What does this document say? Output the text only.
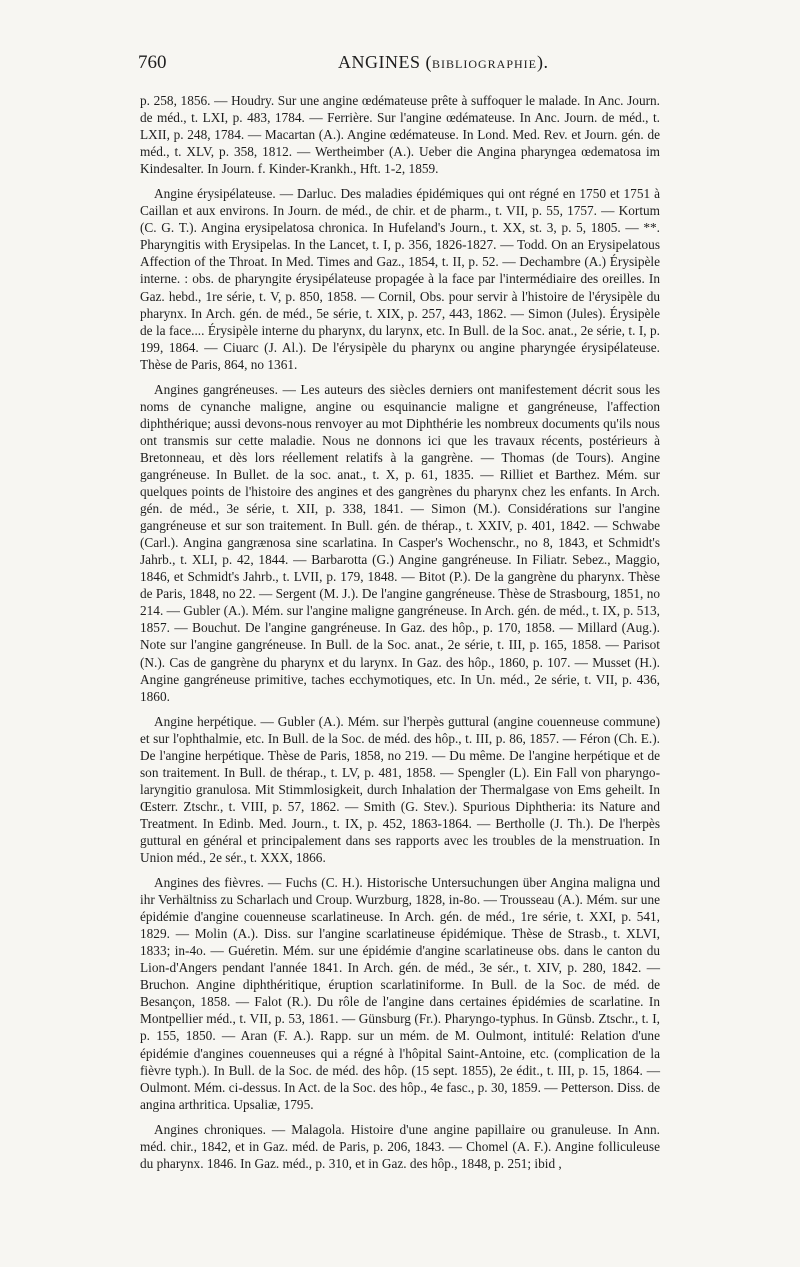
760	ANGINES (BIBLIOGRAPHIE).

p. 258, 1856. — Houdry. Sur une angine œdémateuse prête à suffoquer le malade. In Anc. Journ. de méd., t. LXI, p. 483, 1784. — Ferrière. Sur l'angine œdémateuse. In Anc. Journ. de méd., t. LXII, p. 248, 1784. — Macartan (A.). Angine œdémateuse. In Lond. Med. Rev. et Journ. gén. de méd., t. XLV, p. 358, 1812. — Wertheimber (A.). Ueber die Angina pharyngea œdematosa im Kindesalter. In Journ. f. Kinder-Krankh., Hft. 1-2, 1859.

Angine érysipélateuse. — Darluc. Des maladies épidémiques qui ont régné en 1750 et 1751 à Caillan et aux environs. In Journ. de méd., de chir. et de pharm., t. VII, p. 55, 1757. — Kortum (C. G. T.). Angina erysipelatosa chronica. In Hufeland's Journ., t. XX, st. 3, p. 5, 1805. — **. Pharyngitis with Erysipelas. In the Lancet, t. I, p. 356, 1826-1827. — Todd. On an Erysipelatous Affection of the Throat. In Med. Times and Gaz., 1854, t. II, p. 52. — Dechambre (A.) Érysipèle interne. : obs. de pharyngite érysipélateuse propagée à la face par l'intermédiaire des oreilles. In Gaz. hebd., 1re série, t. V, p. 850, 1858. — Cornil, Obs. pour servir à l'histoire de l'érysipèle du pharynx. In Arch. gén. de méd., 5e série, t. XIX, p. 257, 443, 1862. — Simon (Jules). Érysipèle de la face.... Érysipèle interne du pharynx, du larynx, etc. In Bull. de la Soc. anat., 2e série, t. I, p. 199, 1864. — Ciuarc (J. Al.). De l'érysipèle du pharynx ou angine pharyngée érysipélateuse. Thèse de Paris, 864, no 1361.

Angines gangréneuses. — Les auteurs des siècles derniers ont manifestement décrit sous les noms de cynanche maligne, angine ou esquinancie maligne et gangréneuse, l'affection diphthérique; aussi devons-nous renvoyer au mot Diphthérie les nombreux documents qu'ils nous ont transmis sur cette maladie. Nous ne donnons ici que les travaux récents, postérieurs à Bretonneau, et dès lors réellement relatifs à la gangrène. — Thomas (de Tours). Angine gangréneuse. In Bullet. de la soc. anat., t. X, p. 61, 1835. — Rilliet et Barthez. Mém. sur quelques points de l'histoire des angines et des gangrènes du pharynx chez les enfants. In Arch. gén. de méd., 3e série, t. XII, p. 338, 1841. — Simon (M.). Considérations sur l'angine gangréneuse et sur son traitement. In Bull. gén. de thérap., t. XXIV, p. 401, 1842. — Schwabe (Carl.). Angina gangrænosa sine scarlatina. In Casper's Wochenschr., no 8, 1843, et Schmidt's Jahrb., t. XLI, p. 42, 1844. — Barbarotta (G.) Angine gangréneuse. In Filiatr. Sebez., Maggio, 1846, et Schmidt's Jahrb., t. LVII, p. 179, 1848. — Bitot (P.). De la gangrène du pharynx. Thèse de Paris, 1848, no 22. — Sergent (M. J.). De l'angine gangréneuse. Thèse de Strasbourg, 1851, no 214. — Gubler (A.). Mém. sur l'angine maligne gangréneuse. In Arch. gén. de méd., t. IX, p. 513, 1857. — Bouchut. De l'angine gangréneuse. In Gaz. des hôp., p. 170, 1858. — Millard (Aug.). Note sur l'angine gangréneuse. In Bull. de la Soc. anat., 2e série, t. III, p. 165, 1858. — Parisot (N.). Cas de gangrène du pharynx et du larynx. In Gaz. des hôp., 1860, p. 107. — Musset (H.). Angine gangréneuse primitive, taches ecchymotiques, etc. In Un. méd., 2e série, t. VII, p. 436, 1860.

Angine herpétique. — Gubler (A.). Mém. sur l'herpès guttural (angine couenneuse commune) et sur l'ophthalmie, etc. In Bull. de la Soc. de méd. des hôp., t. III, p. 86, 1857. — Féron (Ch. E.). De l'angine herpétique. Thèse de Paris, 1858, no 219. — Du même. De l'angine herpétique et de son traitement. In Bull. de thérap., t. LV, p. 481, 1858. — Spengler (L). Ein Fall von pharyngo-laryngitio granulosa. Mit Stimmlosigkeit, durch Inhalation der Thermalgase von Ems geheilt. In Œsterr. Ztschr., t. VIII, p. 57, 1862. — Smith (G. Stev.). Spurious Diphtheria: its Nature and Treatment. In Edinb. Med. Journ., t. IX, p. 452, 1863-1864. — Bertholle (J. Th.). De l'herpès guttural en général et principalement dans ses rapports avec les troubles de la menstruation. In Union méd., 2e sér., t. XXX, 1866.

Angines des fièvres. — Fuchs (C. H.). Historische Untersuchungen über Angina maligna und ihr Verhältniss zu Scharlach und Croup. Wurzburg, 1828, in-8o. — Trousseau (A.). Mém. sur une épidémie d'angine couenneuse scarlatineuse. In Arch. gén. de méd., 1re série, t. XXI, p. 541, 1829. — Molin (A.). Diss. sur l'angine scarlatineuse épidémique. Thèse de Strasb., t. XLVI, 1833; in-4o. — Guéretin. Mém. sur une épidémie d'angine scarlatineuse obs. dans le canton du Lion-d'Angers pendant l'année 1841. In Arch. gén. de méd., 3e sér., t. XIV, p. 280, 1842. — Bruchon. Angine diphthéritique, éruption scarlatiniforme. In Bull. de la Soc. de méd. de Besançon, 1858. — Falot (R.). Du rôle de l'angine dans certaines épidémies de scarlatine. In Montpellier méd., t. VII, p. 53, 1861. — Günsburg (Fr.). Pharyngo-typhus. In Günsb. Ztschr., t. I, p. 155, 1850. — Aran (F. A.). Rapp. sur un mém. de M. Oulmont, intitulé: Relation d'une épidémie d'angines couenneuses qui a régné à l'hôpital Saint-Antoine, etc. (complication de la fièvre typh.). In Bull. de la Soc. de méd. des hôp. (15 sept. 1855), 2e édit., t. III, p. 15, 1864. — Oulmont. Mém. ci-dessus. In Act. de la Soc. des hôp., 4e fasc., p. 30, 1859. — Petterson. Diss. de angina arthritica. Upsaliæ, 1795.

Angines chroniques. — Malagola. Histoire d'une angine papillaire ou granuleuse. In Ann. méd. chir., 1842, et in Gaz. méd. de Paris, p. 206, 1843. — Chomel (A. F.). Angine folliculeuse du pharynx. 1846. In Gaz. méd., p. 310, et in Gaz. des hôp., 1848, p. 251; ibid ,
